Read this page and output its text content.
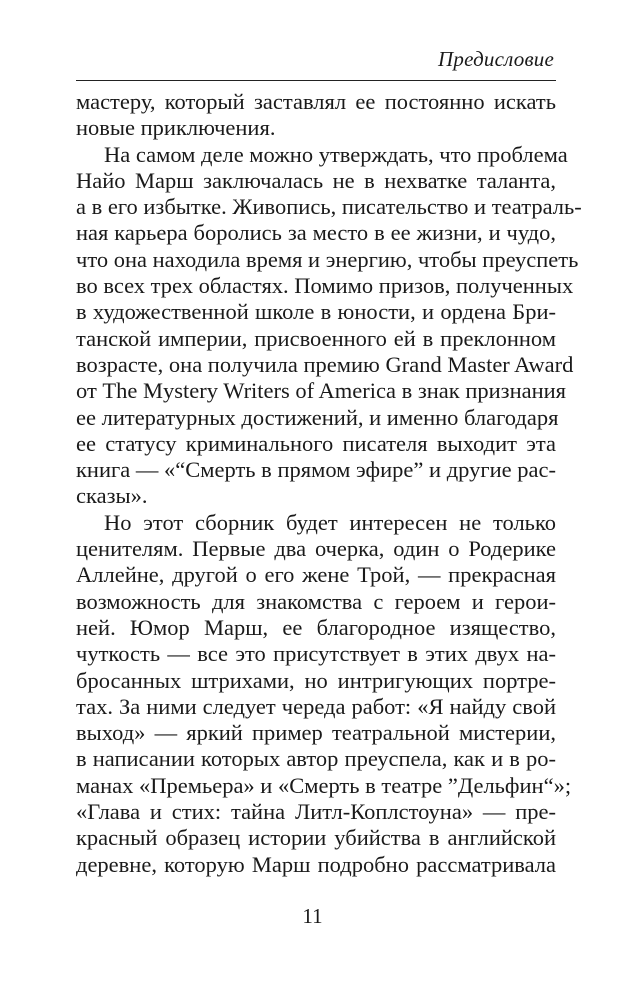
Предисловие
мастеру, который заставлял ее постоянно искать
новые приключения.
На самом деле можно утверждать, что проблема
Найо Марш заключалась не в нехватке таланта,
а в его избытке. Живопись, писательство и театраль-
ная карьера боролись за место в ее жизни, и чудо,
что она находила время и энергию, чтобы преуспеть
во всех трех областях. Помимо призов, полученных
в художественной школе в юности, и ордена Бри-
танской империи, присвоенного ей в преклонном
возрасте, она получила премию Grand Master Award
от The Mystery Writers of America в знак признания
ее литературных достижений, и именно благодаря
ее статусу криминального писателя выходит эта
книга — «“Смерть в прямом эфире” и другие рас-
сказы».
Но этот сборник будет интересен не только
ценителям. Первые два очерка, один о Родерике
Аллейне, другой о его жене Трой, — прекрасная
возможность для знакомства с героем и герои-
ней. Юмор Марш, ее благородное изящество,
чуткость — все это присутствует в этих двух на-
бросанных штрихами, но интригующих портре-
тах. За ними следует череда работ: «Я найду свой
выход» — яркий пример театральной мистерии,
в написании которых автор преуспела, как и в ро-
манах «Премьера» и «Смерть в театре ”Дельфин“»;
«Глава и стих: тайна Литл-Коплстоуна» — пре-
красный образец истории убийства в английской
деревне, которую Марш подробно рассматривала
11
